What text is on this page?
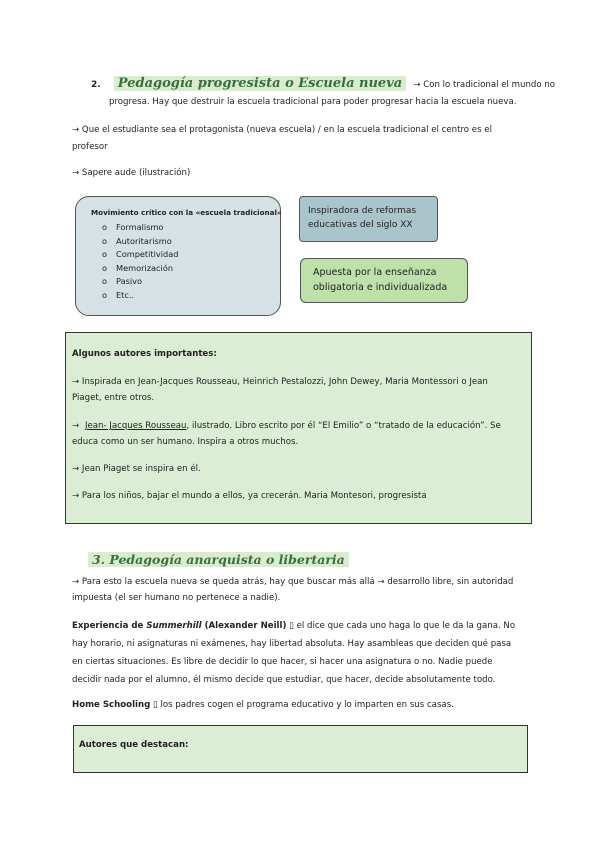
2. Pedagogía progresista o Escuela nueva → Con lo tradicional el mundo no
progresa. Hay que destruir la escuela tradicional para poder progresar hacia la escuela nueva.
→ Que el estudiante sea el protagonista (nueva escuela) / en la escuela tradicional el centro es el
profesor
→ Sapere aude (ilustración)
Movimiento crítico con la «escuela tradicional»
o Formalismo
o Autoritarismo
o Competitividad
o Memorización
o Pasivo
o Etc..
Inspiradora de reformas
educativas del siglo XX
Apuesta por la enseñanza
obligatoria e individualizada
Algunos autores importantes:
→ Inspirada en Jean-Jacques Rousseau, Heinrich Pestalozzi, John Dewey, Maria Montessori o Jean
Piaget, entre otros.
→ Jean- Jacques Rousseau, ilustrado. Libro escrito por él “El Emilio” o “tratado de la educación”. Se
educa como un ser humano. Inspira a otros muchos.
→ Jean Piaget se inspira en él.
→ Para los niños, bajar el mundo a ellos, ya crecerán. Maria Montesori, progresista
3. Pedagogía anarquista o libertaria
→ Para esto la escuela nueva se queda atrás, hay que buscar más allá → desarrollo libre, sin autoridad
impuesta (el ser humano no pertenece a nadie).
Experiencia de Summerhill (Alexander Neill) ▯ el dice que cada uno haga lo que le da la gana. No
hay horario, ni asignaturas ni exámenes, hay libertad absoluta. Hay asambleas que deciden qué pasa
en ciertas situaciones. Es libre de decidir lo que hacer, si hacer una asignatura o no. Nadie puede
decidir nada por el alumno, él mismo decide que estudiar, que hacer, decide absolutamente todo.
Home Schooling ▯ los padres cogen el programa educativo y lo imparten en sus casas.
Autores que destacan:
